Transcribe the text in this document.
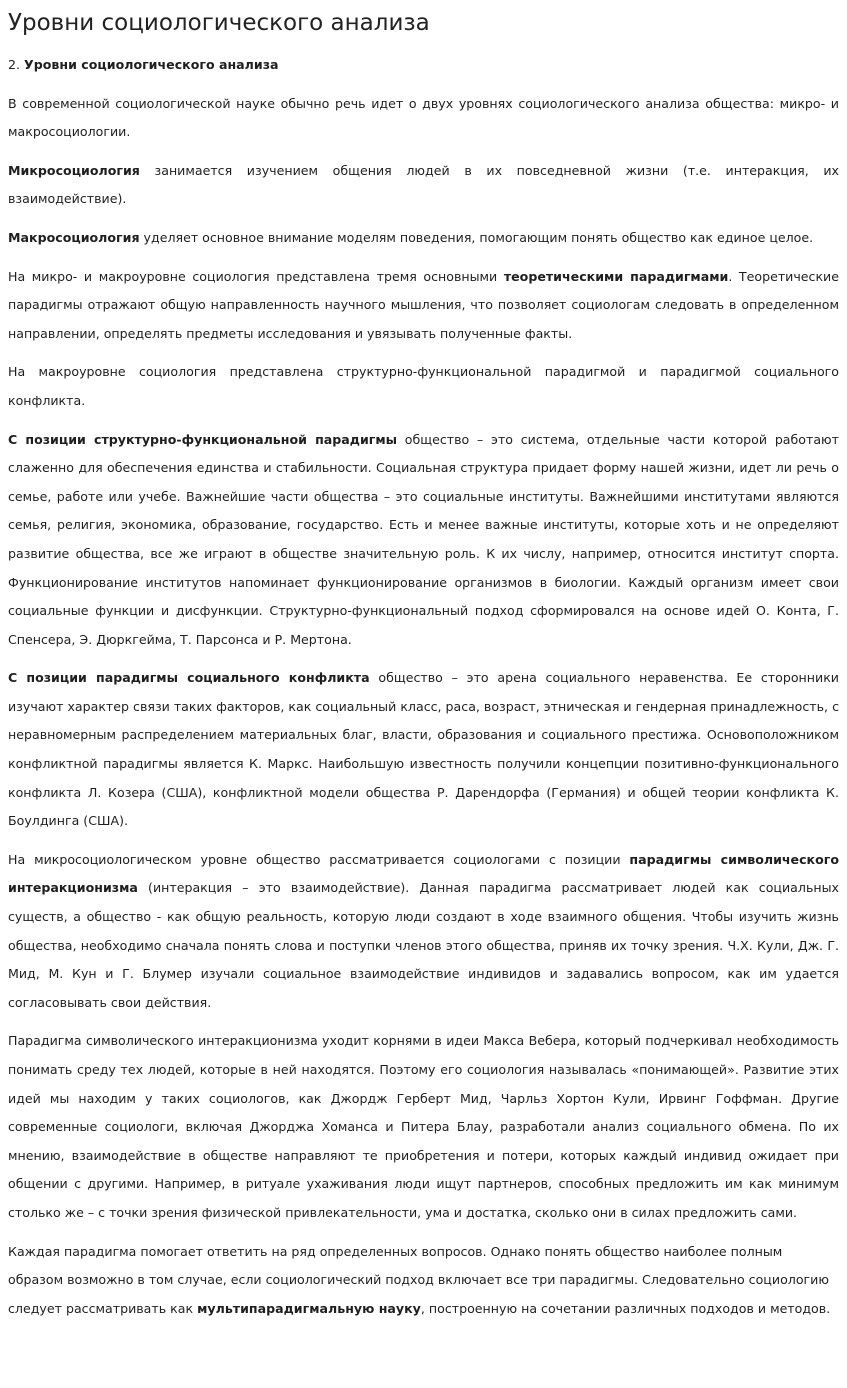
Уровни социологического анализа

2. Уровни социологического анализа

В современной социологической науке обычно речь идет о двух уровнях социологического анализа общества: микро- и макросоциологии.

Микросоциология занимается изучением общения людей в их повседневной жизни (т.е. интеракция, их взаимодействие).

Макросоциология уделяет основное внимание моделям поведения, помогающим понять общество как единое целое.

На микро- и макроуровне социология представлена тремя основными теоретическими парадигмами. Теоретические парадигмы отражают общую направленность научного мышления, что позволяет социологам следовать в определенном направлении, определять предметы исследования и увязывать полученные факты.

На макроуровне социология представлена структурно-функциональной парадигмой и парадигмой социального конфликта.

С позиции структурно-функциональной парадигмы общество – это система, отдельные части которой работают слаженно для обеспечения единства и стабильности. Социальная структура придает форму нашей жизни, идет ли речь о семье, работе или учебе. Важнейшие части общества – это социальные институты. Важнейшими институтами являются семья, религия, экономика, образование, государство. Есть и менее важные институты, которые хоть и не определяют развитие общества, все же играют в обществе значительную роль. К их числу, например, относится институт спорта. Функционирование институтов напоминает функционирование организмов в биологии. Каждый организм имеет свои социальные функции и дисфункции. Структурно-функциональный подход сформировался на основе идей О. Конта, Г. Спенсера, Э. Дюркгейма, Т. Парсонса и Р. Мертона.

С позиции парадигмы социального конфликта общество – это арена социального неравенства. Ее сторонники изучают характер связи таких факторов, как социальный класс, раса, возраст, этническая и гендерная принадлежность, с неравномерным распределением материальных благ, власти, образования и социального престижа. Основоположником конфликтной парадигмы является К. Маркс. Наибольшую известность получили концепции позитивно-функционального конфликта Л. Козера (США), конфликтной модели общества Р. Дарендорфа (Германия) и общей теории конфликта К. Боулдинга (США).

На микросоциологическом уровне общество рассматривается социологами с позиции парадигмы символического интеракционизма (интеракция – это взаимодействие). Данная парадигма рассматривает людей как социальных существ, а общество - как общую реальность, которую люди создают в ходе взаимного общения. Чтобы изучить жизнь общества, необходимо сначала понять слова и поступки членов этого общества, приняв их точку зрения. Ч.Х. Кули, Дж. Г. Мид, М. Кун и Г. Блумер изучали социальное взаимодействие индивидов и задавались вопросом, как им удается согласовывать свои действия.

Парадигма символического интеракционизма уходит корнями в идеи Макса Вебера, который подчеркивал необходимость понимать среду тех людей, которые в ней находятся. Поэтому его социология называлась «понимающей». Развитие этих идей мы находим у таких социологов, как Джордж Герберт Мид, Чарльз Хортон Кули, Ирвинг Гоффман. Другие современные социологи, включая Джорджа Хоманса и Питера Блау, разработали анализ социального обмена. По их мнению, взаимодействие в обществе направляют те приобретения и потери, которых каждый индивид ожидает при общении с другими. Например, в ритуале ухаживания люди ищут партнеров, способных предложить им как минимум столько же – с точки зрения физической привлекательности, ума и достатка, сколько они в силах предложить сами.

Каждая парадигма помогает ответить на ряд определенных вопросов. Однако понять общество наиболее полным образом возможно в том случае, если социологический подход включает все три парадигмы. Следовательно социологию следует рассматривать как мультипарадигмальную науку, построенную на сочетании различных подходов и методов.
